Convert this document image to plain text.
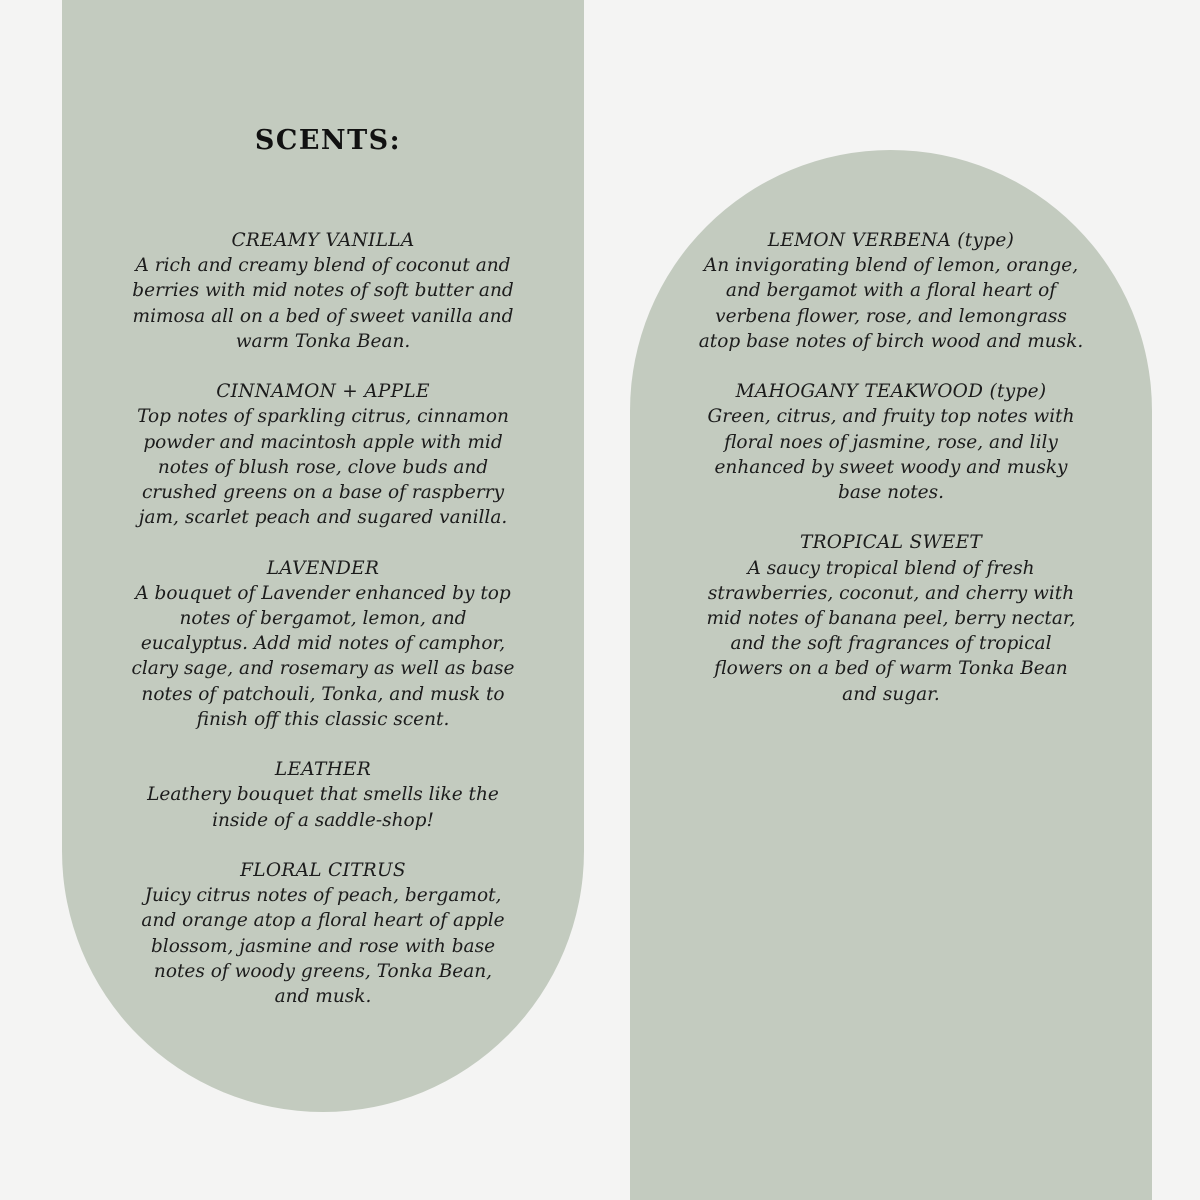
SCENTS:
CREAMY VANILLA
A rich and creamy blend of coconut and
berries with mid notes of soft butter and
mimosa all on a bed of sweet vanilla and
warm Tonka Bean.
CINNAMON + APPLE
Top notes of sparkling citrus, cinnamon
powder and macintosh apple with mid
notes of blush rose, clove buds and
crushed greens on a base of raspberry
jam, scarlet peach and sugared vanilla.
LAVENDER
A bouquet of Lavender enhanced by top
notes of bergamot, lemon, and
eucalyptus. Add mid notes of camphor,
clary sage, and rosemary as well as base
notes of patchouli, Tonka, and musk to
finish off this classic scent.
LEATHER
Leathery bouquet that smells like the
inside of a saddle-shop!
FLORAL CITRUS
Juicy citrus notes of peach, bergamot,
and orange atop a floral heart of apple
blossom, jasmine and rose with base
notes of woody greens, Tonka Bean,
and musk.
LEMON VERBENA (type)
An invigorating blend of lemon, orange,
and bergamot with a floral heart of
verbena flower, rose, and lemongrass
atop base notes of birch wood and musk.
MAHOGANY TEAKWOOD (type)
Green, citrus, and fruity top notes with
floral noes of jasmine, rose, and lily
enhanced by sweet woody and musky
base notes.
TROPICAL SWEET
A saucy tropical blend of fresh
strawberries, coconut, and cherry with
mid notes of banana peel, berry nectar,
and the soft fragrances of tropical
flowers on a bed of warm Tonka Bean
and sugar.
